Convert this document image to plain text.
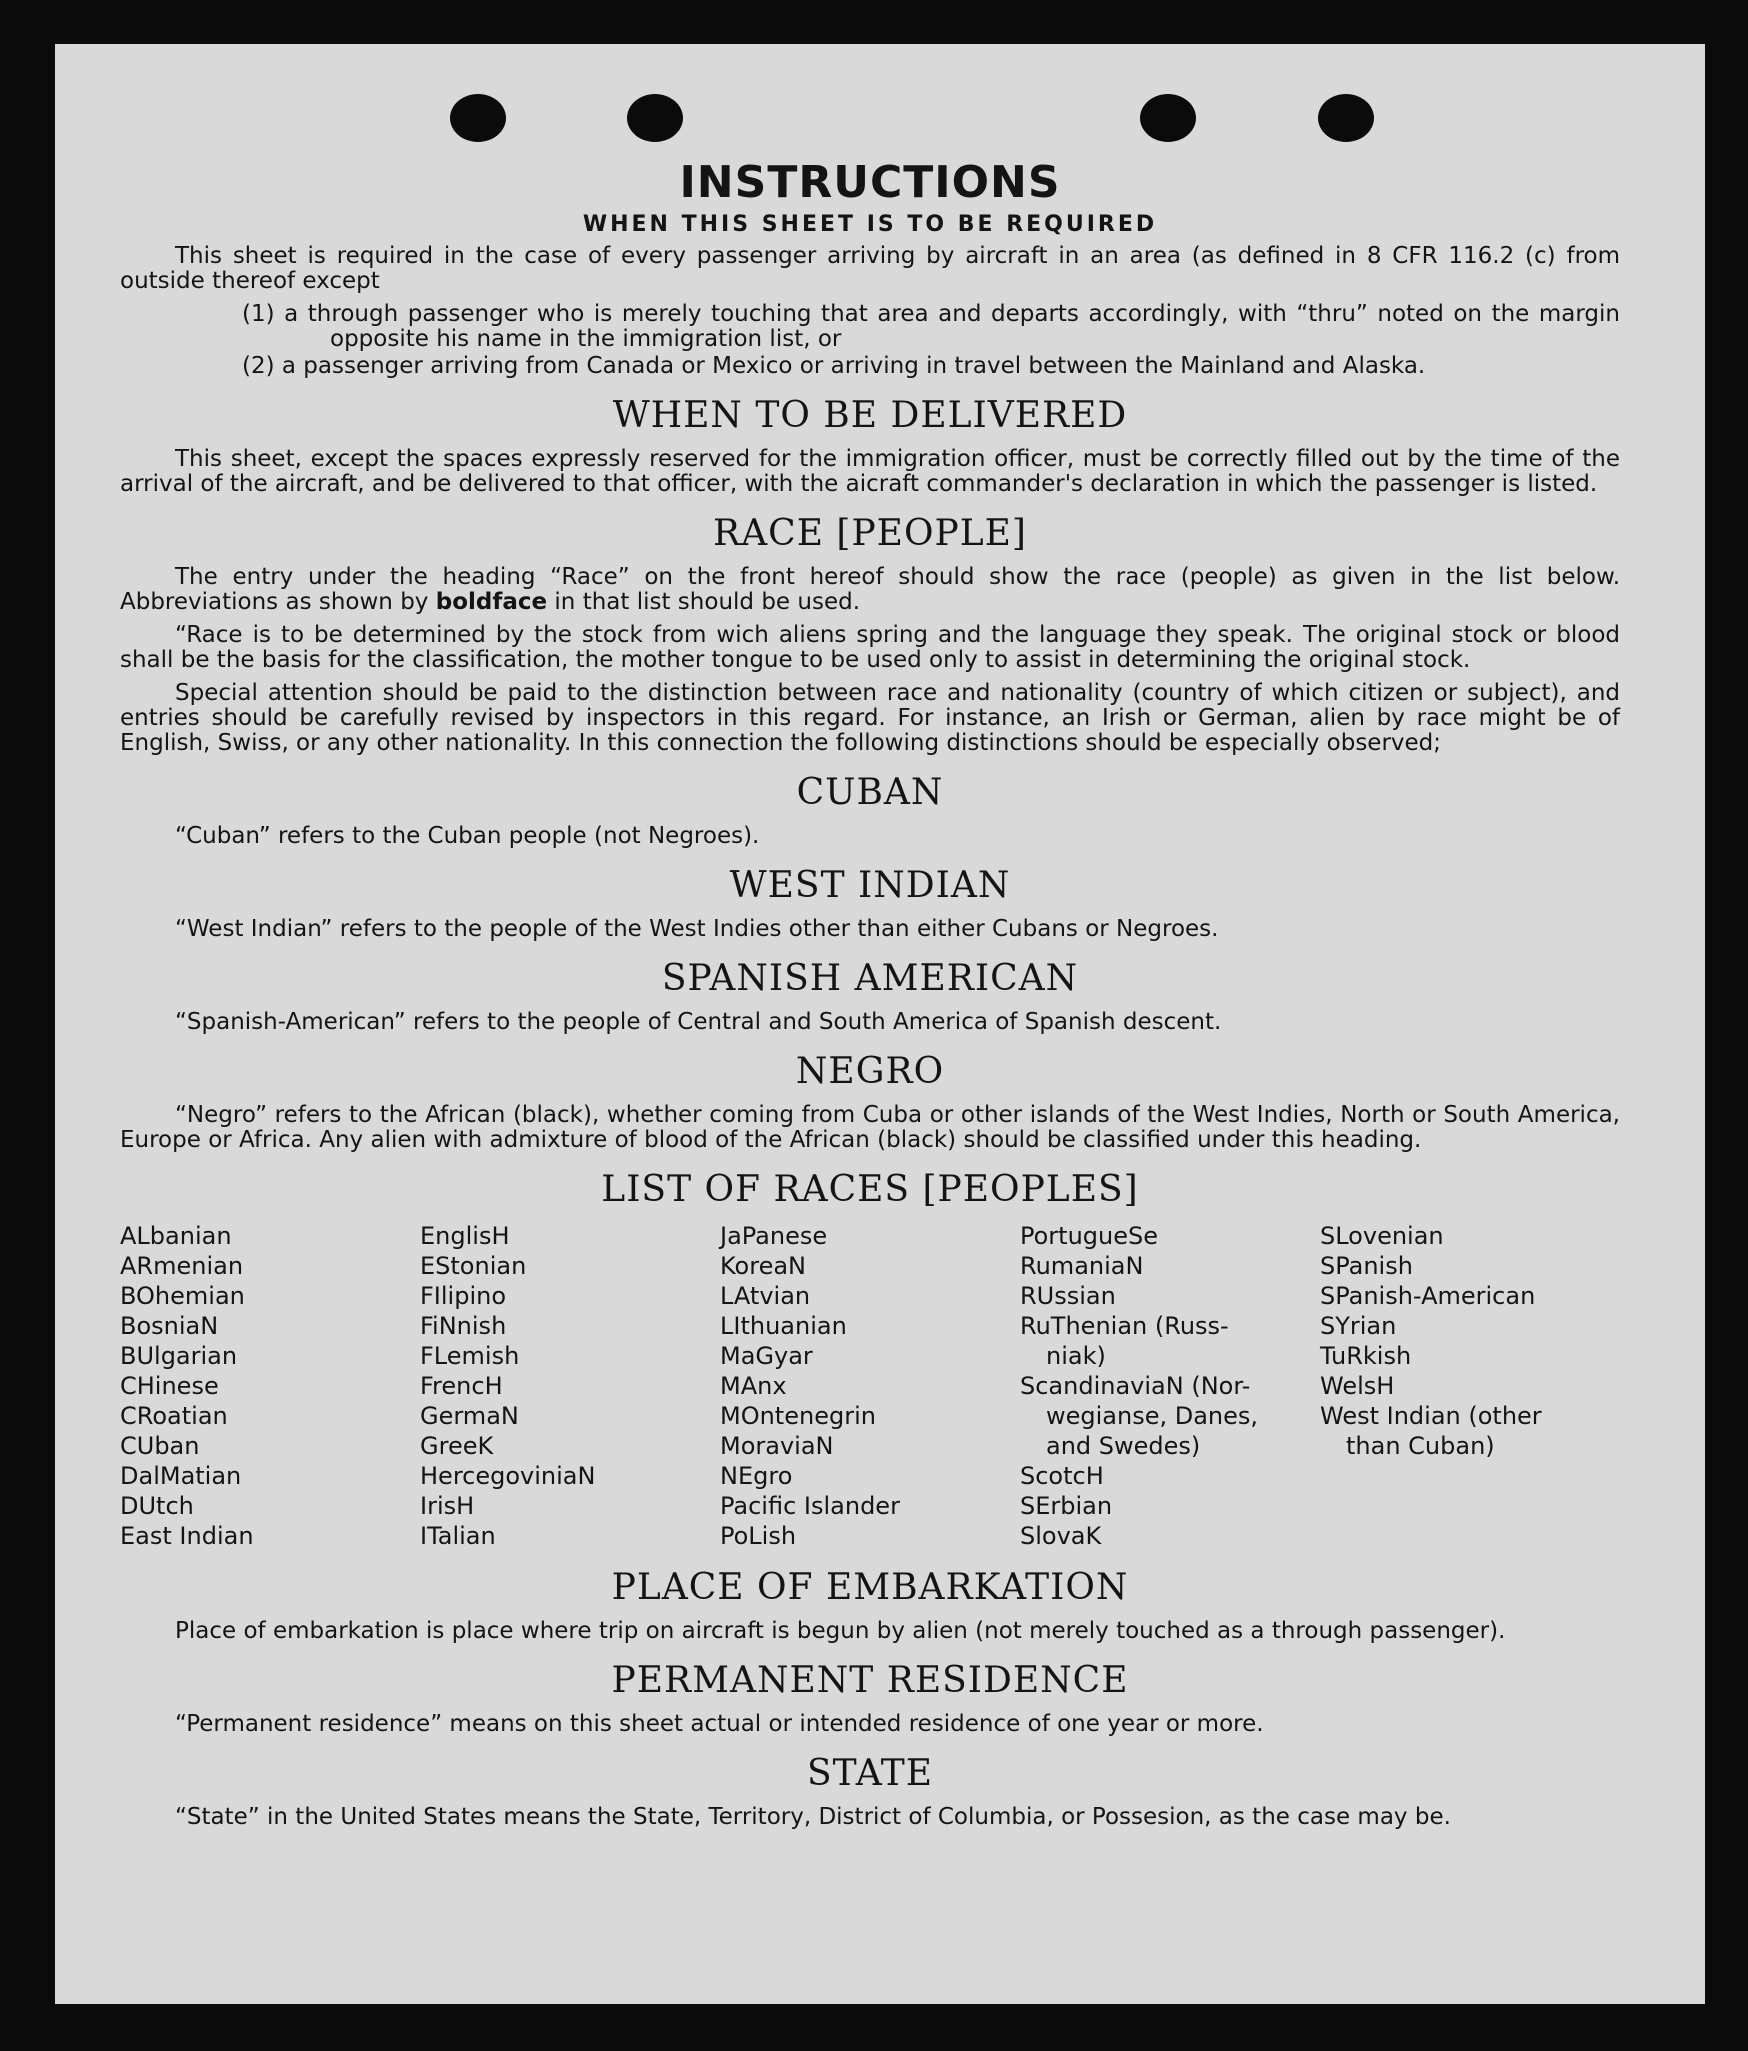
INSTRUCTIONS
WHEN THIS SHEET IS TO BE REQUIRED

This sheet is required in the case of every passenger arriving by aircraft in an area (as defined in 8 CFR 116.2 (c) from outside thereof except

(1) a through passenger who is merely touching that area and departs accordingly, with “thru” noted on the margin opposite his name in the immigration list, or

(2) a passenger arriving from Canada or Mexico or arriving in travel between the Mainland and Alaska.

WHEN TO BE DELIVERED

This sheet, except the spaces expressly reserved for the immigration officer, must be correctly filled out by the time of the arrival of the aircraft, and be delivered to that officer, with the aicraft commander's declaration in which the passenger is listed.

RACE [PEOPLE]

The entry under the heading “Race” on the front hereof should show the race (people) as given in the list below. Abbreviations as shown by boldface in that list should be used.

“Race is to be determined by the stock from wich aliens spring and the language they speak. The original stock or blood shall be the basis for the classification, the mother tongue to be used only to assist in determining the original stock.

Special attention should be paid to the distinction between race and nationality (country of which citizen or subject), and entries should be carefully revised by inspectors in this regard. For instance, an Irish or German, alien by race might be of English, Swiss, or any other nationality. In this connection the following distinctions should be especially observed;

CUBAN

“Cuban” refers to the Cuban people (not Negroes).

WEST INDIAN

“West Indian” refers to the people of the West Indies other than either Cubans or Negroes.

SPANISH AMERICAN

“Spanish-American” refers to the people of Central and South America of Spanish descent.

NEGRO

“Negro” refers to the African (black), whether coming from Cuba or other islands of the West Indies, North or South America, Europe or Africa. Any alien with admixture of blood of the African (black) should be classified under this heading.

LIST OF RACES [PEOPLES]
ALbanian
ARmenian
BOhemian
BosniaN
BUlgarian
CHinese
CRoatian
CUban
DalMatian
DUtch
East Indian
EnglisH
EStonian
FIlipino
FiNnish
FLemish
FrencH
GermaN
GreeK
HercegoviniaN
IrisH
ITalian
JaPanese
KoreaN
LAtvian
LIthuanian
MaGyar
MAnx
MOntenegrin
MoraviaN
NEgro
Pacific Islander
PoLish
PortugueSe
RumaniaN
RUssian
RuThenian (Russ-
niak)
ScandinaviaN (Nor-
wegianse, Danes,
and Swedes)
ScotcH
SErbian
SlovaK
SLovenian
SPanish
SPanish-American
SYrian
TuRkish
WelsH
West Indian (other
than Cuban)
PLACE OF EMBARKATION

Place of embarkation is place where trip on aircraft is begun by alien (not merely touched as a through passenger).

PERMANENT RESIDENCE

“Permanent residence” means on this sheet actual or intended residence of one year or more.

STATE

“State” in the United States means the State, Territory, District of Columbia, or Possesion, as the case may be.
